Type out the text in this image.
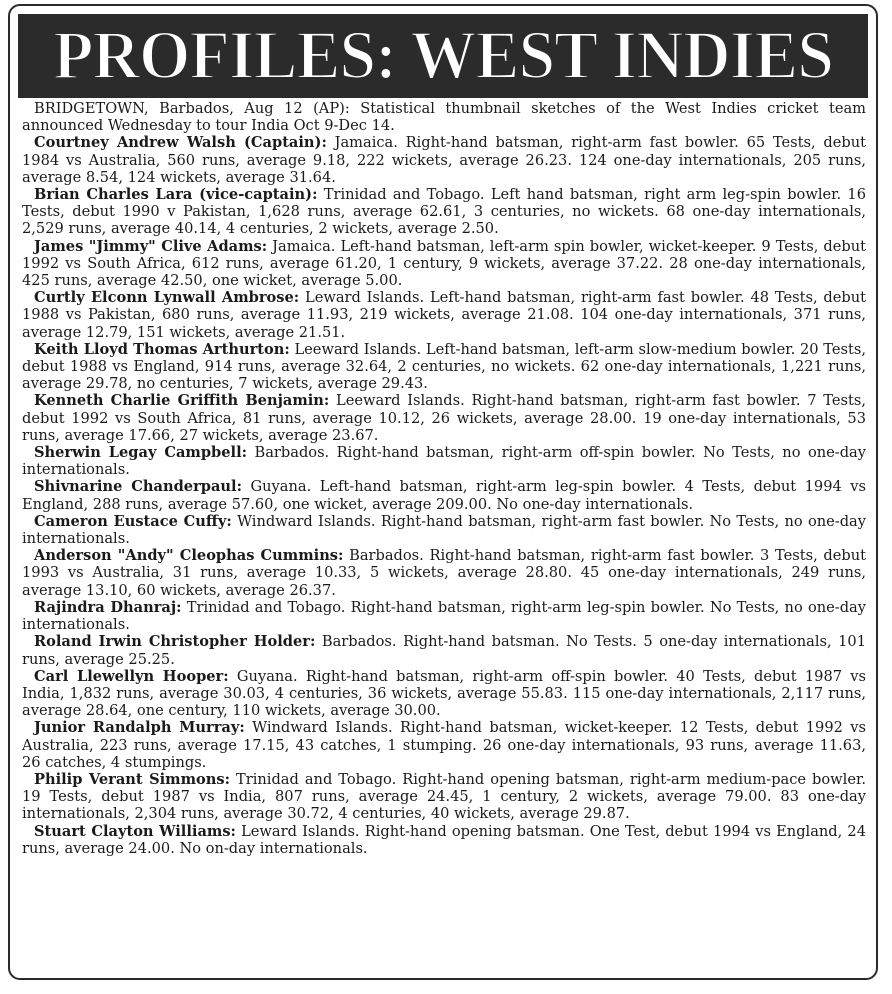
PROFILES: WEST INDIES

BRIDGETOWN, Barbados, Aug 12 (AP): Statistical thumbnail sketches of the West Indies cricket team announced Wednesday to tour India Oct 9-Dec 14.

Courtney Andrew Walsh (Captain): Jamaica. Right-hand batsman, right-arm fast bowler. 65 Tests, debut 1984 vs Australia, 560 runs, average 9.18, 222 wickets, average 26.23. 124 one-day internationals, 205 runs, average 8.54, 124 wickets, average 31.64.

Brian Charles Lara (vice-captain): Trinidad and Tobago. Left hand batsman, right arm leg-spin bowler. 16 Tests, debut 1990 v Pakistan, 1,628 runs, average 62.61, 3 centuries, no wickets. 68 one-day internationals, 2,529 runs, average 40.14, 4 centuries, 2 wickets, average 2.50.

James "Jimmy" Clive Adams: Jamaica. Left-hand batsman, left-arm spin bowler, wicket-keeper. 9 Tests, debut 1992 vs South Africa, 612 runs, average 61.20, 1 century, 9 wickets, average 37.22. 28 one-day internationals, 425 runs, average 42.50, one wicket, average 5.00.

Curtly Elconn Lynwall Ambrose: Leward Islands. Left-hand batsman, right-arm fast bowler. 48 Tests, debut 1988 vs Pakistan, 680 runs, average 11.93, 219 wickets, average 21.08. 104 one-day internationals, 371 runs, average 12.79, 151 wickets, average 21.51.

Keith Lloyd Thomas Arthurton: Leeward Islands. Left-hand batsman, left-arm slow-medium bowler. 20 Tests, debut 1988 vs England, 914 runs, average 32.64, 2 centuries, no wickets. 62 one-day internationals, 1,221 runs, average 29.78, no centuries, 7 wickets, average 29.43.

Kenneth Charlie Griffith Benjamin: Leeward Islands. Right-hand batsman, right-arm fast bowler. 7 Tests, debut 1992 vs South Africa, 81 runs, average 10.12, 26 wickets, average 28.00. 19 one-day internationals, 53 runs, average 17.66, 27 wickets, average 23.67.

Sherwin Legay Campbell: Barbados. Right-hand batsman, right-arm off-spin bowler. No Tests, no one-day internationals.

Shivnarine Chanderpaul: Guyana. Left-hand batsman, right-arm leg-spin bowler. 4 Tests, debut 1994 vs England, 288 runs, average 57.60, one wicket, average 209.00. No one-day internationals.

Cameron Eustace Cuffy: Windward Islands. Right-hand batsman, right-arm fast bowler. No Tests, no one-day internationals.

Anderson "Andy" Cleophas Cummins: Barbados. Right-hand batsman, right-arm fast bowler. 3 Tests, debut 1993 vs Australia, 31 runs, average 10.33, 5 wickets, average 28.80. 45 one-day internationals, 249 runs, average 13.10, 60 wickets, average 26.37.

Rajindra Dhanraj: Trinidad and Tobago. Right-hand batsman, right-arm leg-spin bowler. No Tests, no one-day internationals.

Roland Irwin Christopher Holder: Barbados. Right-hand batsman. No Tests. 5 one-day internationals, 101 runs, average 25.25.

Carl Llewellyn Hooper: Guyana. Right-hand batsman, right-arm off-spin bowler. 40 Tests, debut 1987 vs India, 1,832 runs, average 30.03, 4 centuries, 36 wickets, average 55.83. 115 one-day internationals, 2,117 runs, average 28.64, one century, 110 wickets, average 30.00.

Junior Randalph Murray: Windward Islands. Right-hand batsman, wicket-keeper. 12 Tests, debut 1992 vs Australia, 223 runs, average 17.15, 43 catches, 1 stumping. 26 one-day internationals, 93 runs, average 11.63, 26 catches, 4 stumpings.

Philip Verant Simmons: Trinidad and Tobago. Right-hand opening batsman, right-arm medium-pace bowler. 19 Tests, debut 1987 vs India, 807 runs, average 24.45, 1 century, 2 wickets, average 79.00. 83 one-day internationals, 2,304 runs, average 30.72, 4 centuries, 40 wickets, average 29.87.

Stuart Clayton Williams: Leward Islands. Right-hand opening batsman. One Test, debut 1994 vs England, 24 runs, average 24.00. No on-day internationals.
